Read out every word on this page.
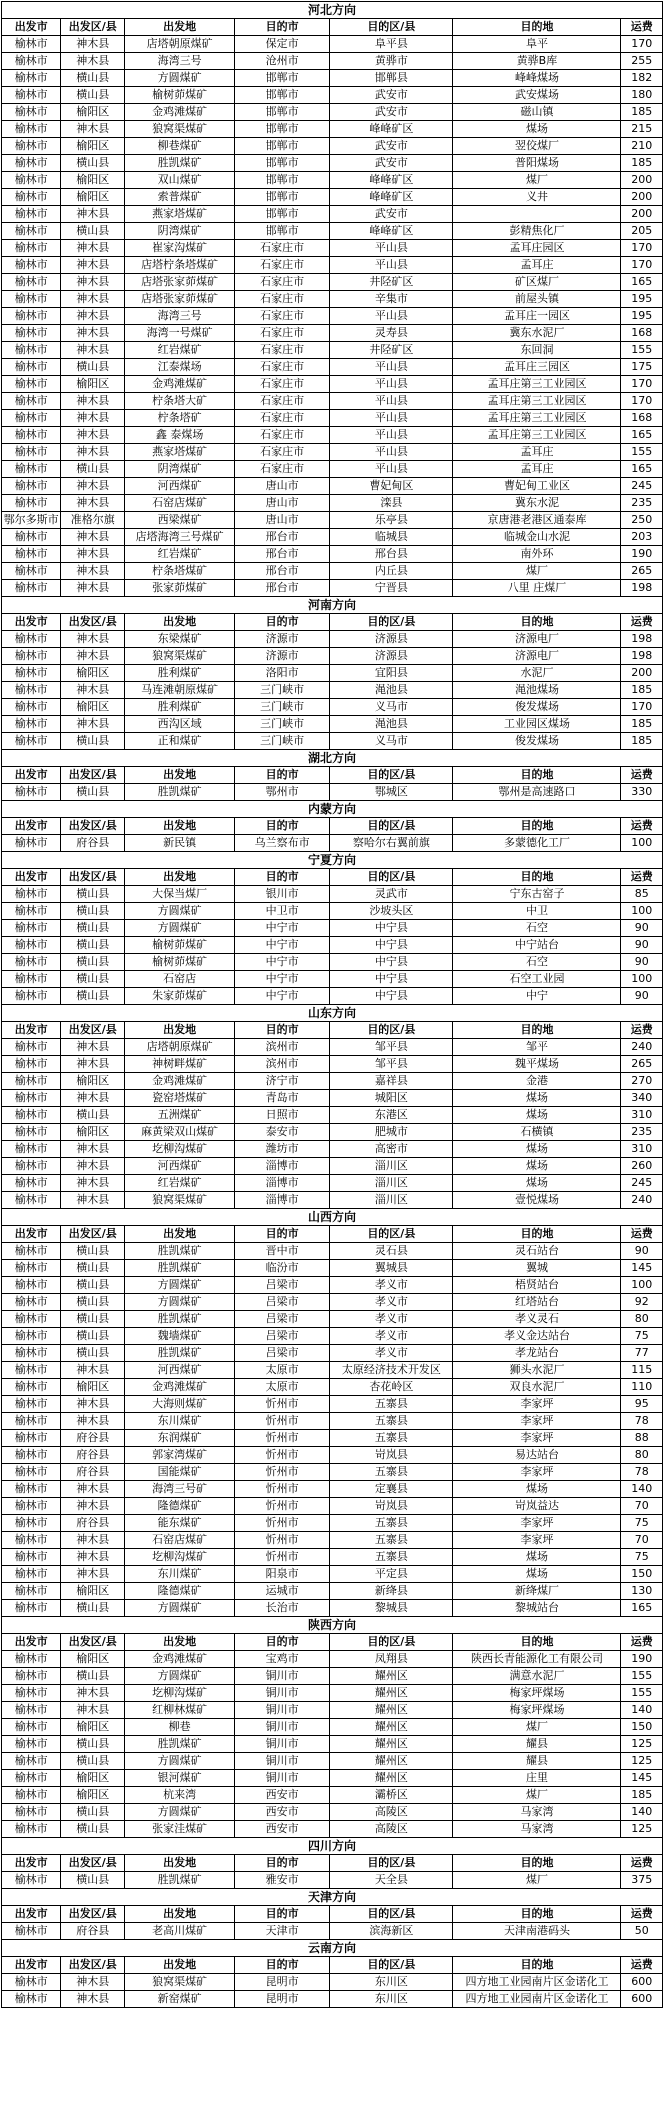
河北方向						
出发市	出发区/县	出发地	目的市	目的区/县	目的地	运费
榆林市	神木县	店塔朝原煤矿	保定市	阜平县	阜平	170
榆林市	神木县	海湾三号	沧州市	黄骅市	黄骅B库	255
榆林市	横山县	方圆煤矿	邯郸市	邯郸县	峰峰煤场	182
榆林市	横山县	榆树茆煤矿	邯郸市	武安市	武安煤场	180
榆林市	榆阳区	金鸡滩煤矿	邯郸市	武安市	磁山镇	185
榆林市	神木县	狼窝渠煤矿	邯郸市	峰峰矿区	煤场	215
榆林市	榆阳区	柳巷煤矿	邯郸市	武安市	翌佼煤厂	210
榆林市	横山县	胜凯煤矿	邯郸市	武安市	普阳煤场	185
榆林市	榆阳区	双山煤矿	邯郸市	峰峰矿区	煤厂	200
榆林市	榆阳区	索普煤矿	邯郸市	峰峰矿区	义井	200
榆林市	神木县	燕家塔煤矿	邯郸市	武安市		200
榆林市	横山县	阴湾煤矿	邯郸市	峰峰矿区	彭精焦化厂	205
榆林市	神木县	崔家沟煤矿	石家庄市	平山县	孟耳庄园区	170
榆林市	神木县	店塔柠条塔煤矿	石家庄市	平山县	孟耳庄	170
榆林市	神木县	店塔张家茆煤矿	石家庄市	井陉矿区	矿区煤厂	165
榆林市	神木县	店塔张家茆煤矿	石家庄市	辛集市	前屋头镇	195
榆林市	神木县	海湾三号	石家庄市	平山县	孟耳庄一园区	195
榆林市	神木县	海湾一号煤矿	石家庄市	灵寿县	冀东水泥厂	168
榆林市	神木县	红岩煤矿	石家庄市	井陉矿区	东回洞	155
榆林市	横山县	江泰煤场	石家庄市	平山县	孟耳庄三园区	175
榆林市	榆阳区	金鸡滩煤矿	石家庄市	平山县	孟耳庄第三工业园区	170
榆林市	神木县	柠条塔大矿	石家庄市	平山县	孟耳庄第三工业园区	170
榆林市	神木县	柠条塔矿	石家庄市	平山县	孟耳庄第三工业园区	168
榆林市	神木县	鑫 泰煤场	石家庄市	平山县	孟耳庄第三工业园区	165
榆林市	神木县	燕家塔煤矿	石家庄市	平山县	孟耳庄	155
榆林市	横山县	阴湾煤矿	石家庄市	平山县	孟耳庄	165
榆林市	神木县	河西煤矿	唐山市	曹妃甸区	曹妃甸工业区	245
榆林市	神木县	石窑店煤矿	唐山市	滦县	冀东水泥	235
鄂尔多斯市	准格尔旗	西梁煤矿	唐山市	乐亭县	京唐港老港区通泰库	250
榆林市	神木县	店塔海湾三号煤矿	邢台市	临城县	临城金山水泥	203
榆林市	神木县	红岩煤矿	邢台市	邢台县	南外环	190
榆林市	神木县	柠条塔煤矿	邢台市	内丘县	煤厂	265
榆林市	神木县	张家茆煤矿	邢台市	宁晋县	八里 庄煤厂	198
河南方向						
出发市	出发区/县	出发地	目的市	目的区/县	目的地	运费
榆林市	神木县	东梁煤矿	济源市	济源县	济源电厂	198
榆林市	神木县	狼窝渠煤矿	济源市	济源县	济源电厂	198
榆林市	榆阳区	胜利煤矿	洛阳市	宜阳县	水泥厂	200
榆林市	神木县	马连滩朝原煤矿	三门峡市	渑池县	渑池煤场	185
榆林市	榆阳区	胜利煤矿	三门峡市	义马市	俊发煤场	170
榆林市	神木县	西沟区域	三门峡市	渑池县	工业园区煤场	185
榆林市	横山县	正和煤矿	三门峡市	义马市	俊发煤场	185
湖北方向						
出发市	出发区/县	出发地	目的市	目的区/县	目的地	运费
榆林市	横山县	胜凯煤矿	鄂州市	鄂城区	鄂州是高速路口	330
内蒙方向						
出发市	出发区/县	出发地	目的市	目的区/县	目的地	运费
榆林市	府谷县	新民镇	乌兰察布市	察哈尔右翼前旗	多蒙德化工厂	100
宁夏方向						
出发市	出发区/县	出发地	目的市	目的区/县	目的地	运费
榆林市	横山县	大保当煤厂	银川市	灵武市	宁东古窑子	85
榆林市	横山县	方圆煤矿	中卫市	沙坡头区	中卫	100
榆林市	横山县	方圆煤矿	中宁市	中宁县	石空	90
榆林市	横山县	榆树茆煤矿	中宁市	中宁县	中宁站台	90
榆林市	横山县	榆树茆煤矿	中宁市	中宁县	石空	90
榆林市	横山县	石窑店	中宁市	中宁县	石空工业园	100
榆林市	横山县	朱家茆煤矿	中宁市	中宁县	中宁	90
山东方向						
出发市	出发区/县	出发地	目的市	目的区/县	目的地	运费
榆林市	神木县	店塔朝原煤矿	滨州市	邹平县	邹平	240
榆林市	神木县	神树畔煤矿	滨州市	邹平县	魏平煤场	265
榆林市	榆阳区	金鸡滩煤矿	济宁市	嘉祥县	金港	270
榆林市	神木县	瓷窑塔煤矿	青岛市	城阳区	煤场	340
榆林市	横山县	五洲煤矿	日照市	东港区	煤场	310
榆林市	榆阳区	麻黄梁双山煤矿	泰安市	肥城市	石横镇	235
榆林市	神木县	圪柳沟煤矿	潍坊市	高密市	煤场	310
榆林市	神木县	河西煤矿	淄博市	淄川区	煤场	260
榆林市	神木县	红岩煤矿	淄博市	淄川区	煤场	245
榆林市	神木县	狼窝渠煤矿	淄博市	淄川区	壹悦煤场	240
山西方向						
出发市	出发区/县	出发地	目的市	目的区/县	目的地	运费
榆林市	横山县	胜凯煤矿	晋中市	灵石县	灵石站台	90
榆林市	横山县	胜凯煤矿	临汾市	翼城县	翼城	145
榆林市	横山县	方圆煤矿	吕梁市	孝义市	梧贤站台	100
榆林市	横山县	方圆煤矿	吕梁市	孝义市	红塔站台	92
榆林市	横山县	胜凯煤矿	吕梁市	孝义市	孝义灵石	80
榆林市	横山县	魏墙煤矿	吕梁市	孝义市	孝义金达站台	75
榆林市	横山县	胜凯煤矿	吕梁市	孝义市	孝龙站台	77
榆林市	神木县	河西煤矿	太原市	太原经济技术开发区	狮头水泥厂	115
榆林市	榆阳区	金鸡滩煤矿	太原市	杏花岭区	双良水泥厂	110
榆林市	神木县	大海则煤矿	忻州市	五寨县	李家坪	95
榆林市	神木县	东川煤矿	忻州市	五寨县	李家坪	78
榆林市	府谷县	东润煤矿	忻州市	五寨县	李家坪	88
榆林市	府谷县	郭家湾煤矿	忻州市	岢岚县	易达站台	80
榆林市	府谷县	国能煤矿	忻州市	五寨县	李家坪	78
榆林市	神木县	海湾三号矿	忻州市	定襄县	煤场	140
榆林市	神木县	隆德煤矿	忻州市	岢岚县	岢岚益达	70
榆林市	府谷县	能东煤矿	忻州市	五寨县	李家坪	75
榆林市	神木县	石窑店煤矿	忻州市	五寨县	李家坪	70
榆林市	神木县	圪柳沟煤矿	忻州市	五寨县	煤场	75
榆林市	神木县	东川煤矿	阳泉市	平定县	煤场	150
榆林市	榆阳区	隆德煤矿	运城市	新绛县	新绛煤厂	130
榆林市	横山县	方圆煤矿	长治市	黎城县	黎城站台	165
陕西方向						
出发市	出发区/县	出发地	目的市	目的区/县	目的地	运费
榆林市	榆阳区	金鸡滩煤矿	宝鸡市	凤翔县	陕西长青能源化工有限公司	190
榆林市	横山县	方圆煤矿	铜川市	耀州区	满意水泥厂	155
榆林市	神木县	圪柳沟煤矿	铜川市	耀州区	梅家坪煤场	155
榆林市	神木县	红柳林煤矿	铜川市	耀州区	梅家坪煤场	140
榆林市	榆阳区	柳巷	铜川市	耀州区	煤厂	150
榆林市	横山县	胜凯煤矿	铜川市	耀州区	耀县	125
榆林市	横山县	方圆煤矿	铜川市	耀州区	耀县	125
榆林市	榆阳区	银河煤矿	铜川市	耀州区	庄里	145
榆林市	榆阳区	杭来湾	西安市	灞桥区	煤厂	185
榆林市	横山县	方圆煤矿	西安市	高陵区	马家湾	140
榆林市	横山县	张家洼煤矿	西安市	高陵区	马家湾	125
四川方向						
出发市	出发区/县	出发地	目的市	目的区/县	目的地	运费
榆林市	横山县	胜凯煤矿	雅安市	天全县	煤厂	375
天津方向						
出发市	出发区/县	出发地	目的市	目的区/县	目的地	运费
榆林市	府谷县	老高川煤矿	天津市	滨海新区	天津南港码头	50
云南方向						
出发市	出发区/县	出发地	目的市	目的区/县	目的地	运费
榆林市	神木县	狼窝渠煤矿	昆明市	东川区	四方地工业园南片区金诺化工	600
榆林市	神木县	新窑煤矿	昆明市	东川区	四方地工业园南片区金诺化工	600
